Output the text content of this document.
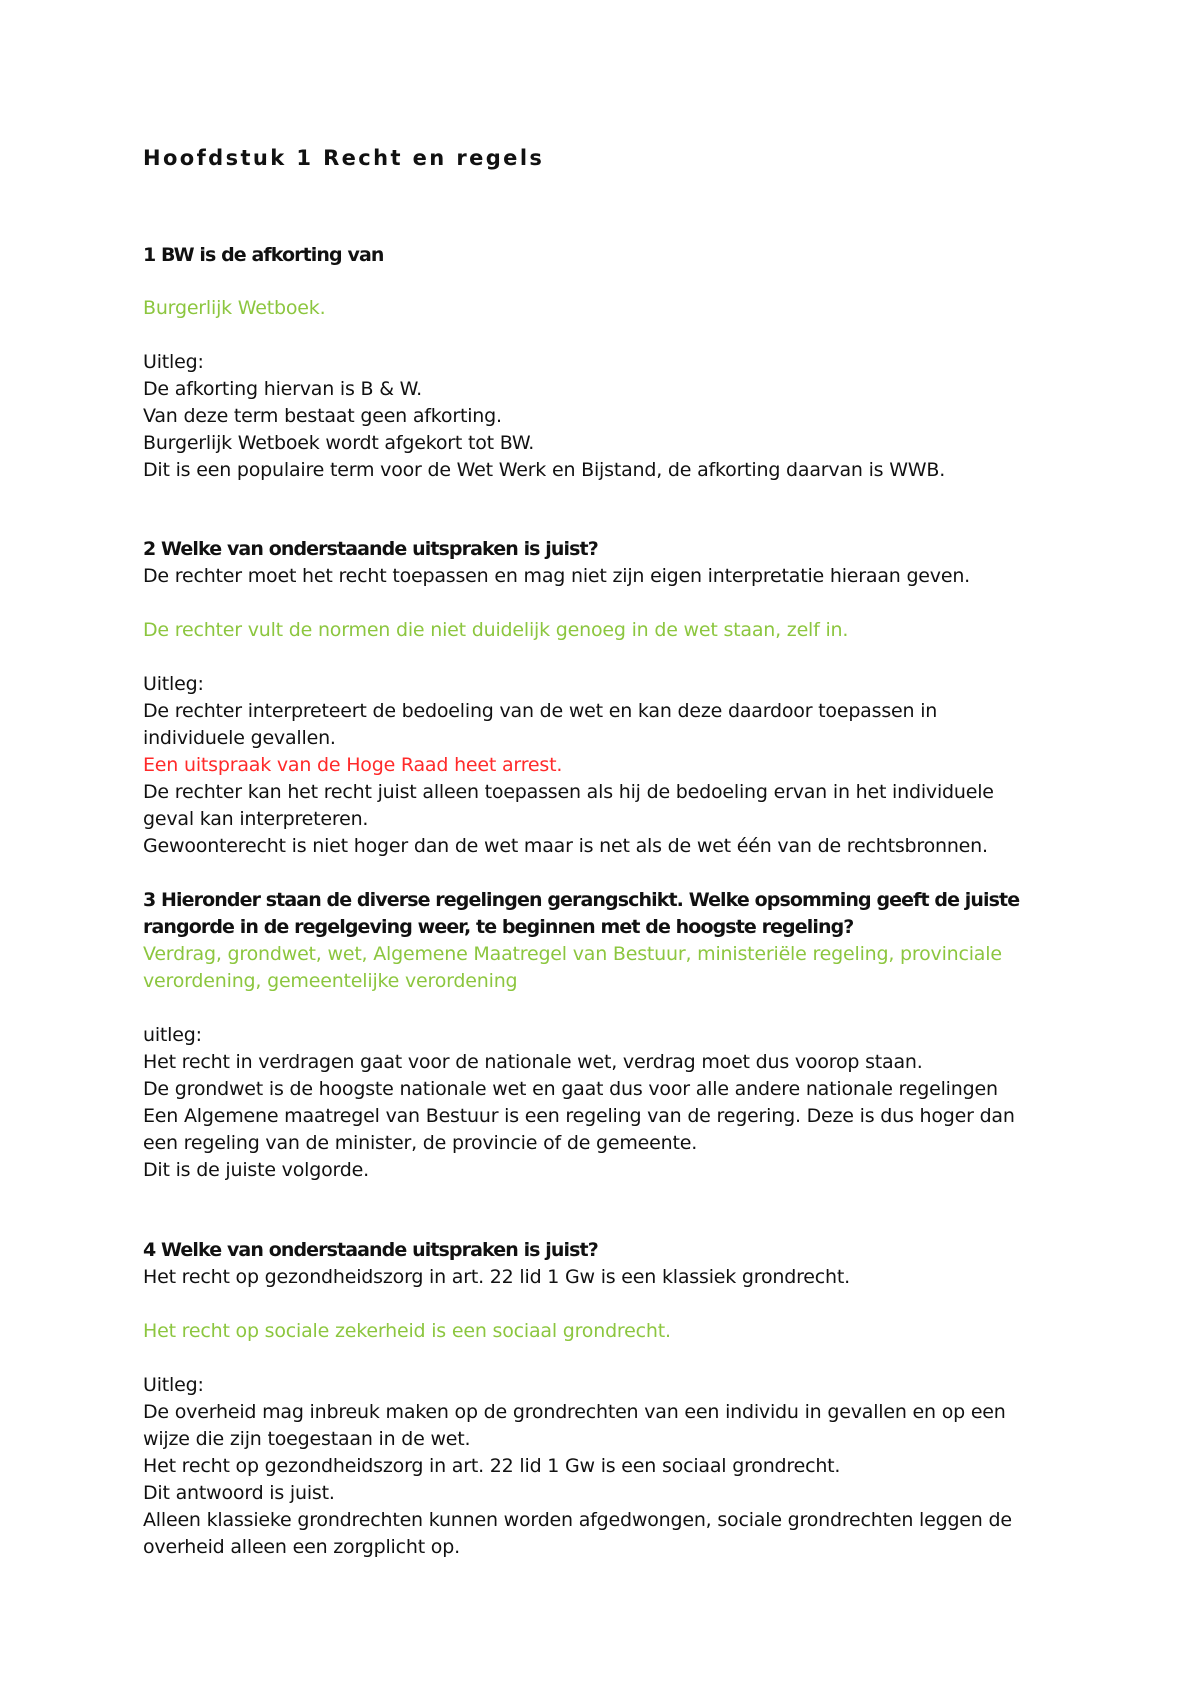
Hoofdstuk 1 Recht en regels
1 BW is de afkorting van
Burgerlijk Wetboek.
Uitleg:
De afkorting hiervan is B & W.
Van deze term bestaat geen afkorting.
Burgerlijk Wetboek wordt afgekort tot BW.
Dit is een populaire term voor de Wet Werk en Bijstand, de afkorting daarvan is WWB.
2 Welke van onderstaande uitspraken is juist?
De rechter moet het recht toepassen en mag niet zijn eigen interpretatie hieraan geven.
De rechter vult de normen die niet duidelijk genoeg in de wet staan, zelf in.
Uitleg:
De rechter interpreteert de bedoeling van de wet en kan deze daardoor toepassen in
individuele gevallen.
Een uitspraak van de Hoge Raad heet arrest.
De rechter kan het recht juist alleen toepassen als hij de bedoeling ervan in het individuele
geval kan interpreteren.
Gewoonterecht is niet hoger dan de wet maar is net als de wet één van de rechtsbronnen.
3 Hieronder staan de diverse regelingen gerangschikt. Welke opsomming geeft de juiste
rangorde in de regelgeving weer, te beginnen met de hoogste regeling?
Verdrag, grondwet, wet, Algemene Maatregel van Bestuur, ministeriële regeling, provinciale
verordening, gemeentelijke verordening
uitleg:
Het recht in verdragen gaat voor de nationale wet, verdrag moet dus voorop staan.
De grondwet is de hoogste nationale wet en gaat dus voor alle andere nationale regelingen
Een Algemene maatregel van Bestuur is een regeling van de regering. Deze is dus hoger dan
een regeling van de minister, de provincie of de gemeente.
Dit is de juiste volgorde.
4 Welke van onderstaande uitspraken is juist?
Het recht op gezondheidszorg in art. 22 lid 1 Gw is een klassiek grondrecht.
Het recht op sociale zekerheid is een sociaal grondrecht.
Uitleg:
De overheid mag inbreuk maken op de grondrechten van een individu in gevallen en op een
wijze die zijn toegestaan in de wet.
Het recht op gezondheidszorg in art. 22 lid 1 Gw is een sociaal grondrecht.
Dit antwoord is juist.
Alleen klassieke grondrechten kunnen worden afgedwongen, sociale grondrechten leggen de
overheid alleen een zorgplicht op.
